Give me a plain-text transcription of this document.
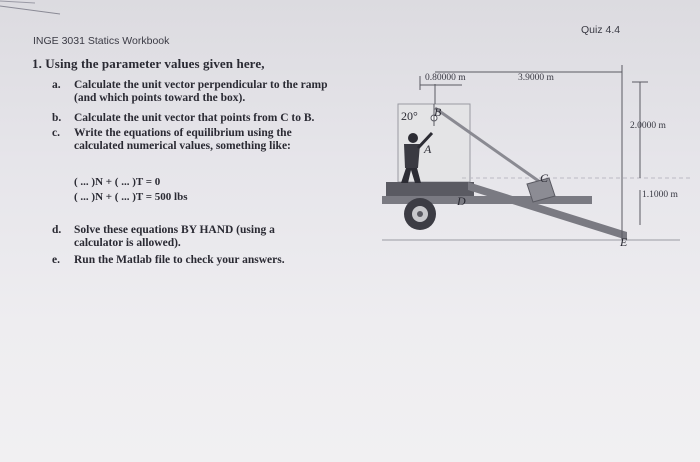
INGE 3031 Statics Workbook
Quiz 4.4
1. Using the parameter values given here,
a. Calculate the unit vector perpendicular to the ramp
(and which points toward the box).
b. Calculate the unit vector that points from C to B.
c. Write the equations of equilibrium using the
calculated numerical values, something like:
( ... )N + ( ... )T = 0
( ... )N + ( ... )T = 500 lbs
d. Solve these equations BY HAND (using a
calculator is allowed).
e. Run the Matlab file to check your answers.
0.80000 m	3.9000 m
2.0000 m
1.1000 m
20° B
A
C
D
E
